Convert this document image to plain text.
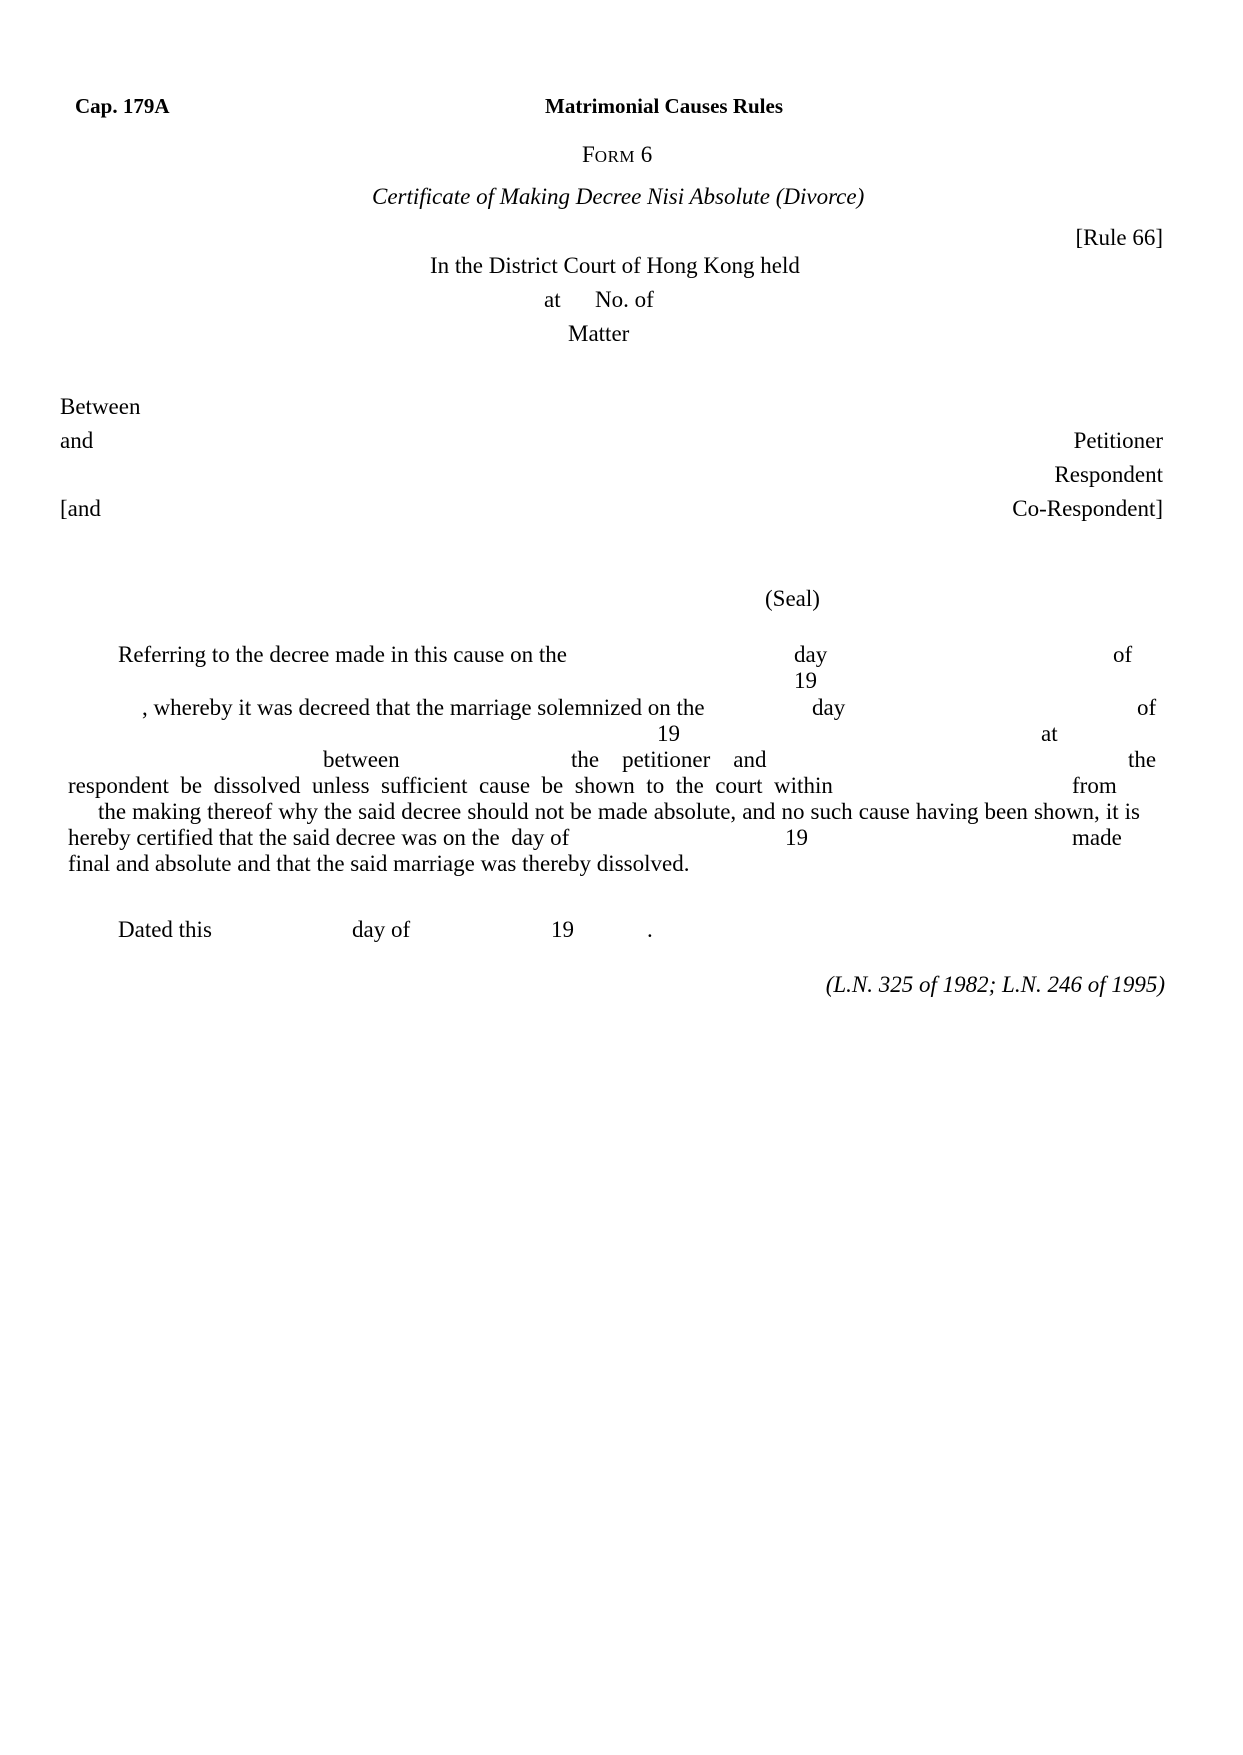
Cap. 179A	Matrimonial Causes Rules
FORM 6
Certificate of Making Decree Nisi Absolute (Divorce)
[Rule 66]
In the District Court of Hong Kong held
at No. of
Matter
Between
and
[and
Petitioner
Respondent
Co-Respondent]
(Seal)
Referring to the decree made in this cause on the	day	of
19
, whereby it was decreed that the marriage solemnized on the	day	of
19	at
between	the    petitioner    and	the
respondent  be  dissolved  unless  sufficient  cause  be  shown  to  the  court  within	from
the making thereof why the said decree should not be made absolute, and no such cause having been shown, it is
hereby certified that the said decree was on the  day of	19	made
final and absolute and that the said marriage was thereby dissolved.
Dated this	day of	19	.
(L.N. 325 of 1982; L.N. 246 of 1995)
